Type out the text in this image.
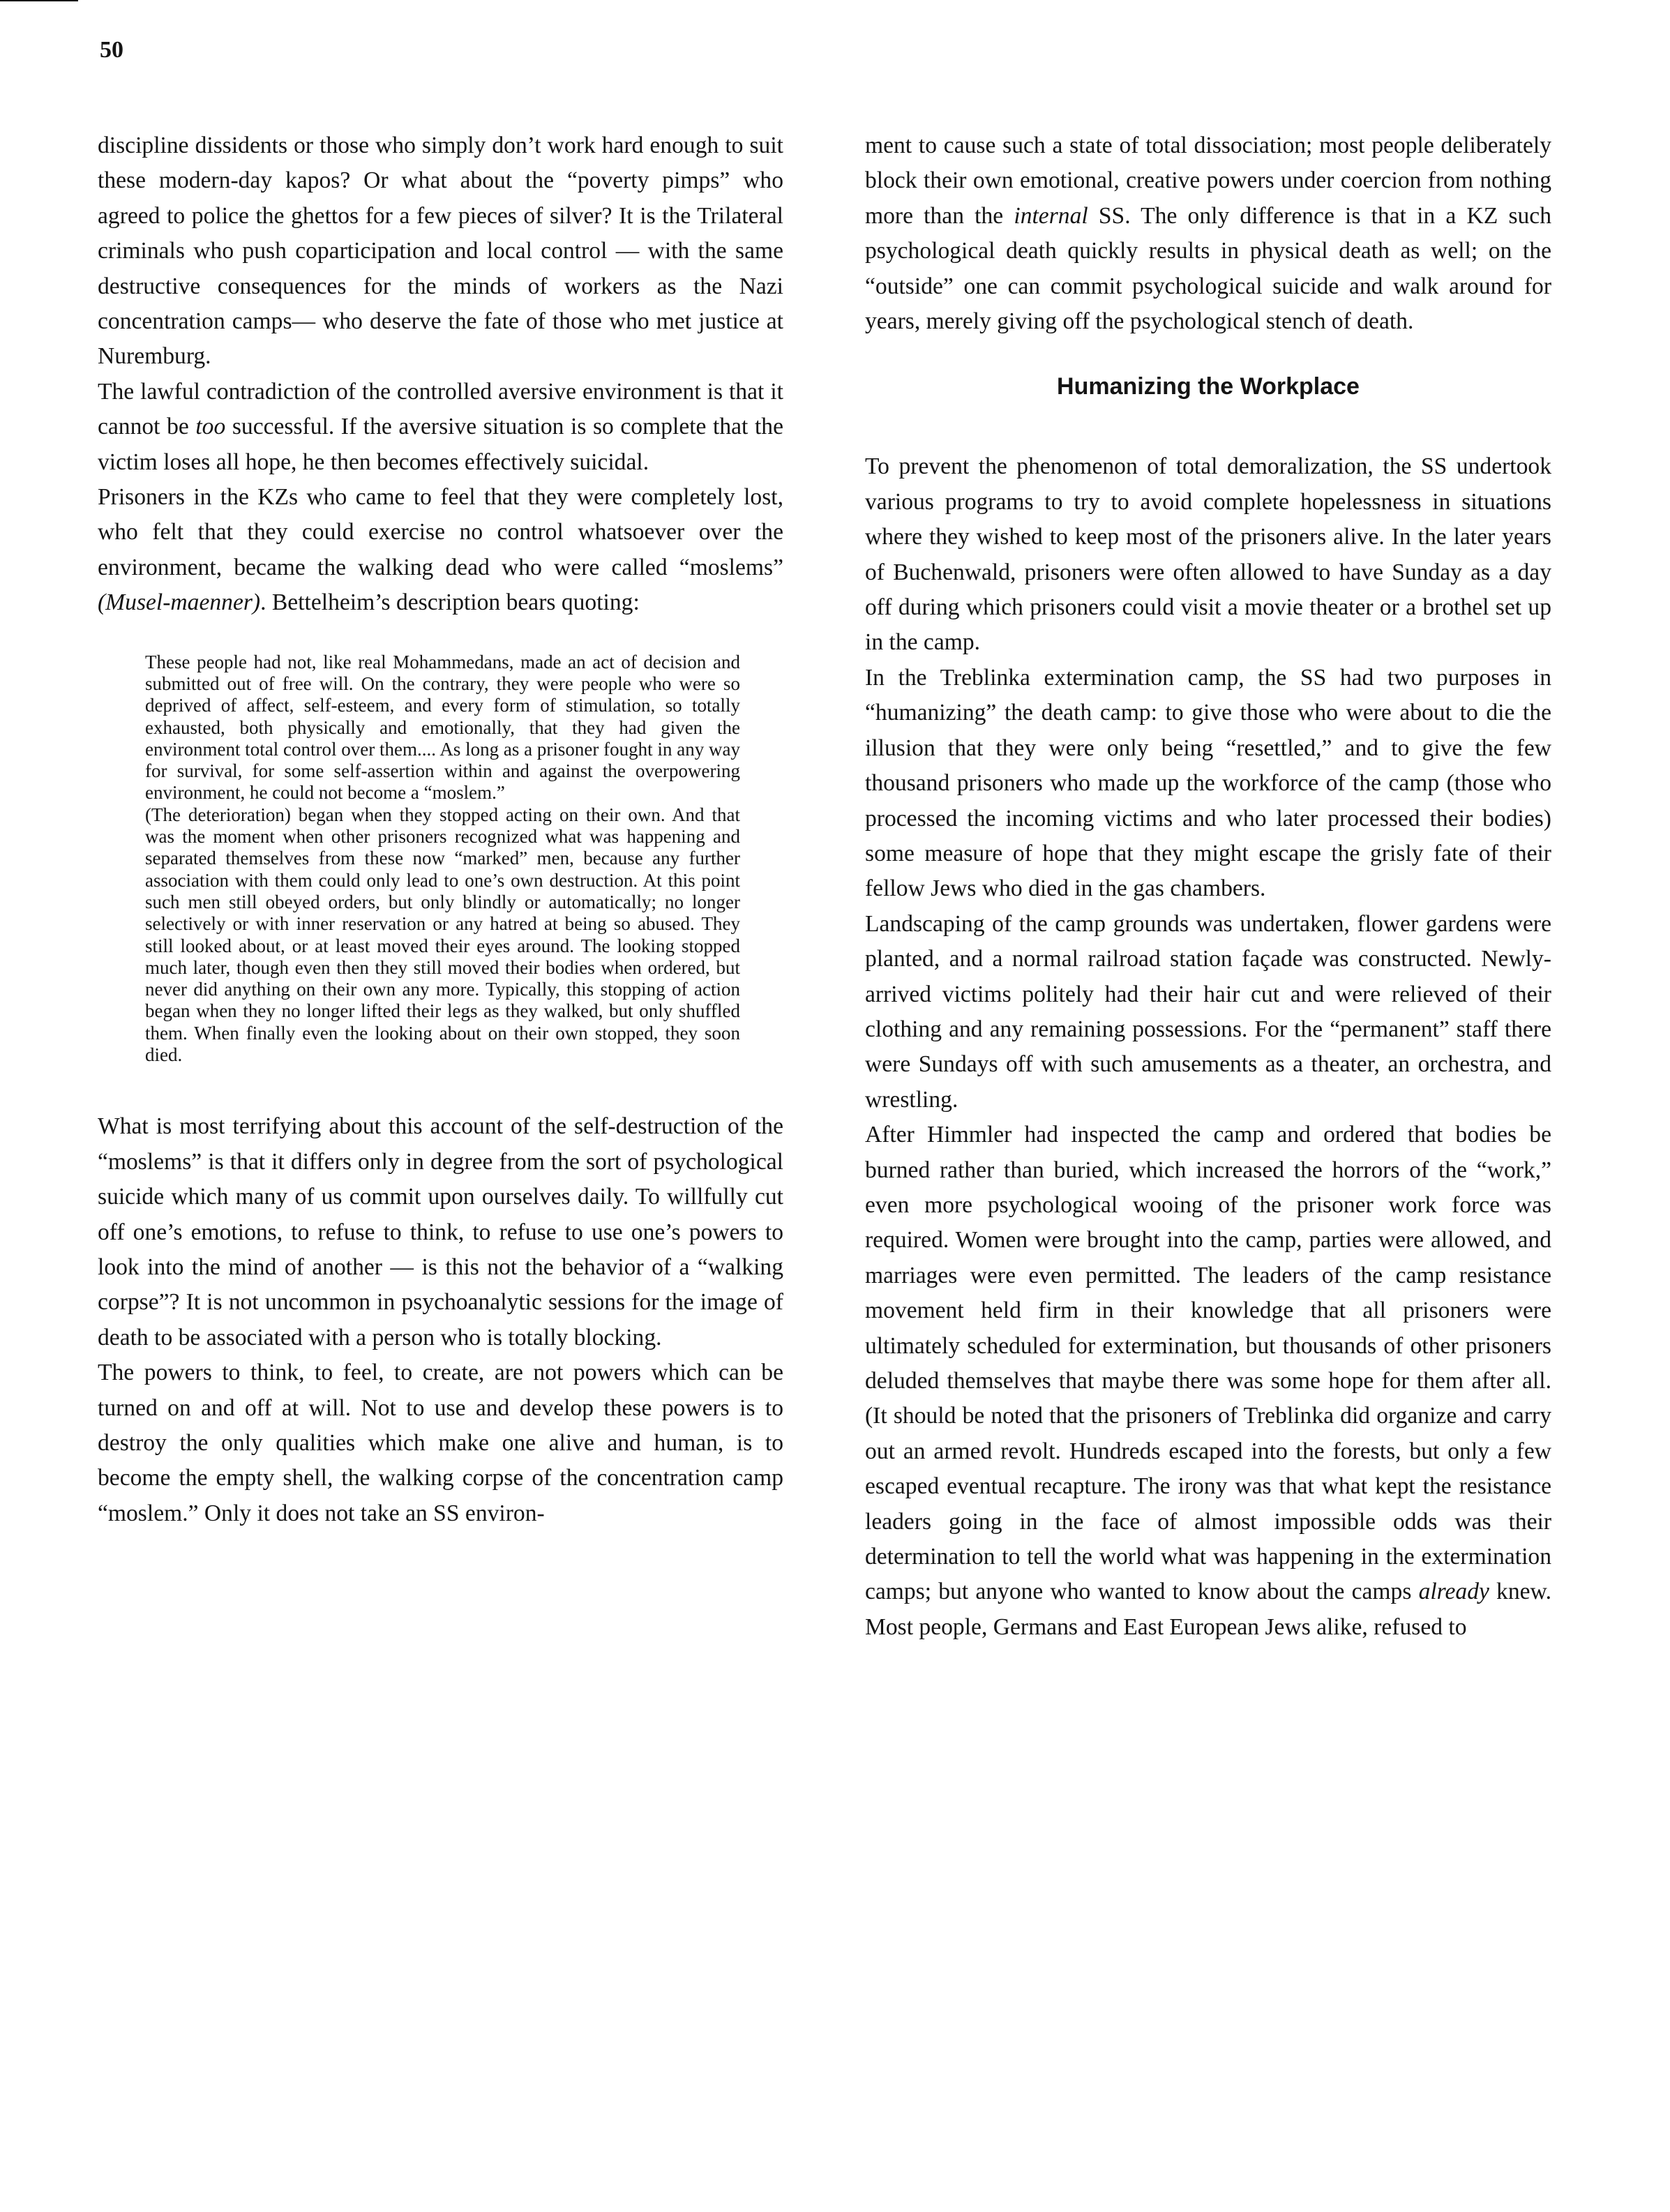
50

discipline dissidents or those who simply don’t work hard enough to suit these modern-day kapos? Or what about the “poverty pimps” who agreed to police the ghettos for a few pieces of silver? It is the Trilateral criminals who push coparticipation and local control — with the same destructive consequences for the minds of workers as the Nazi concentration camps— who deserve the fate of those who met justice at Nuremburg.

The lawful contradiction of the controlled aversive environment is that it cannot be too successful. If the aversive situation is so complete that the victim loses all hope, he then becomes effectively suicidal.

Prisoners in the KZs who came to feel that they were completely lost, who felt that they could exercise no control whatsoever over the environment, became the walking dead who were called “moslems” (Musel-maenner). Bettelheim’s description bears quoting:

These people had not, like real Mohammedans, made an act of decision and submitted out of free will. On the contrary, they were people who were so deprived of affect, self-esteem, and every form of stimulation, so totally exhausted, both physically and emotionally, that they had given the environment total control over them.... As long as a prisoner fought in any way for survival, for some self-assertion within and against the overpowering environment, he could not become a “moslem.”

(The deterioration) began when they stopped acting on their own. And that was the moment when other prisoners recognized what was happening and separated themselves from these now “marked” men, because any further association with them could only lead to one’s own destruction. At this point such men still obeyed orders, but only blindly or automatically; no longer selectively or with inner reservation or any hatred at being so abused. They still looked about, or at least moved their eyes around. The looking stopped much later, though even then they still moved their bodies when ordered, but never did anything on their own any more. Typically, this stopping of action began when they no longer lifted their legs as they walked, but only shuffled them. When finally even the looking about on their own stopped, they soon died.

What is most terrifying about this account of the self-destruction of the “moslems” is that it differs only in degree from the sort of psychological suicide which many of us commit upon ourselves daily. To willfully cut off one’s emotions, to refuse to think, to refuse to use one’s powers to look into the mind of another — is this not the behavior of a “walking corpse”? It is not uncommon in psychoanalytic sessions for the image of death to be associated with a person who is totally blocking.

The powers to think, to feel, to create, are not powers which can be turned on and off at will. Not to use and develop these powers is to destroy the only qualities which make one alive and human, is to become the empty shell, the walking corpse of the concentration camp “moslem.” Only it does not take an SS environ-

ment to cause such a state of total dissociation; most people deliberately block their own emotional, creative powers under coercion from nothing more than the internal SS. The only difference is that in a KZ such psychological death quickly results in physical death as well; on the “outside” one can commit psychological suicide and walk around for years, merely giving off the psychological stench of death.

Humanizing the Workplace

To prevent the phenomenon of total demoralization, the SS undertook various programs to try to avoid complete hopelessness in situations where they wished to keep most of the prisoners alive. In the later years of Buchenwald, prisoners were often allowed to have Sunday as a day off during which prisoners could visit a movie theater or a brothel set up in the camp.

In the Treblinka extermination camp, the SS had two purposes in “humanizing” the death camp: to give those who were about to die the illusion that they were only being “resettled,” and to give the few thousand prisoners who made up the workforce of the camp (those who processed the incoming victims and who later processed their bodies) some measure of hope that they might escape the grisly fate of their fellow Jews who died in the gas chambers.

Landscaping of the camp grounds was undertaken, flower gardens were planted, and a normal railroad station façade was constructed. Newly-arrived victims politely had their hair cut and were relieved of their clothing and any remaining possessions. For the “permanent” staff there were Sundays off with such amusements as a theater, an orchestra, and wrestling.

After Himmler had inspected the camp and ordered that bodies be burned rather than buried, which increased the horrors of the “work,” even more psychological wooing of the prisoner work force was required. Women were brought into the camp, parties were allowed, and marriages were even permitted. The leaders of the camp resistance movement held firm in their knowledge that all prisoners were ultimately scheduled for extermination, but thousands of other prisoners deluded themselves that maybe there was some hope for them after all. (It should be noted that the prisoners of Treblinka did organize and carry out an armed revolt. Hundreds escaped into the forests, but only a few escaped eventual recapture. The irony was that what kept the resistance leaders going in the face of almost impossible odds was their determination to tell the world what was happening in the extermination camps; but anyone who wanted to know about the camps already knew. Most people, Germans and East European Jews alike, refused to
